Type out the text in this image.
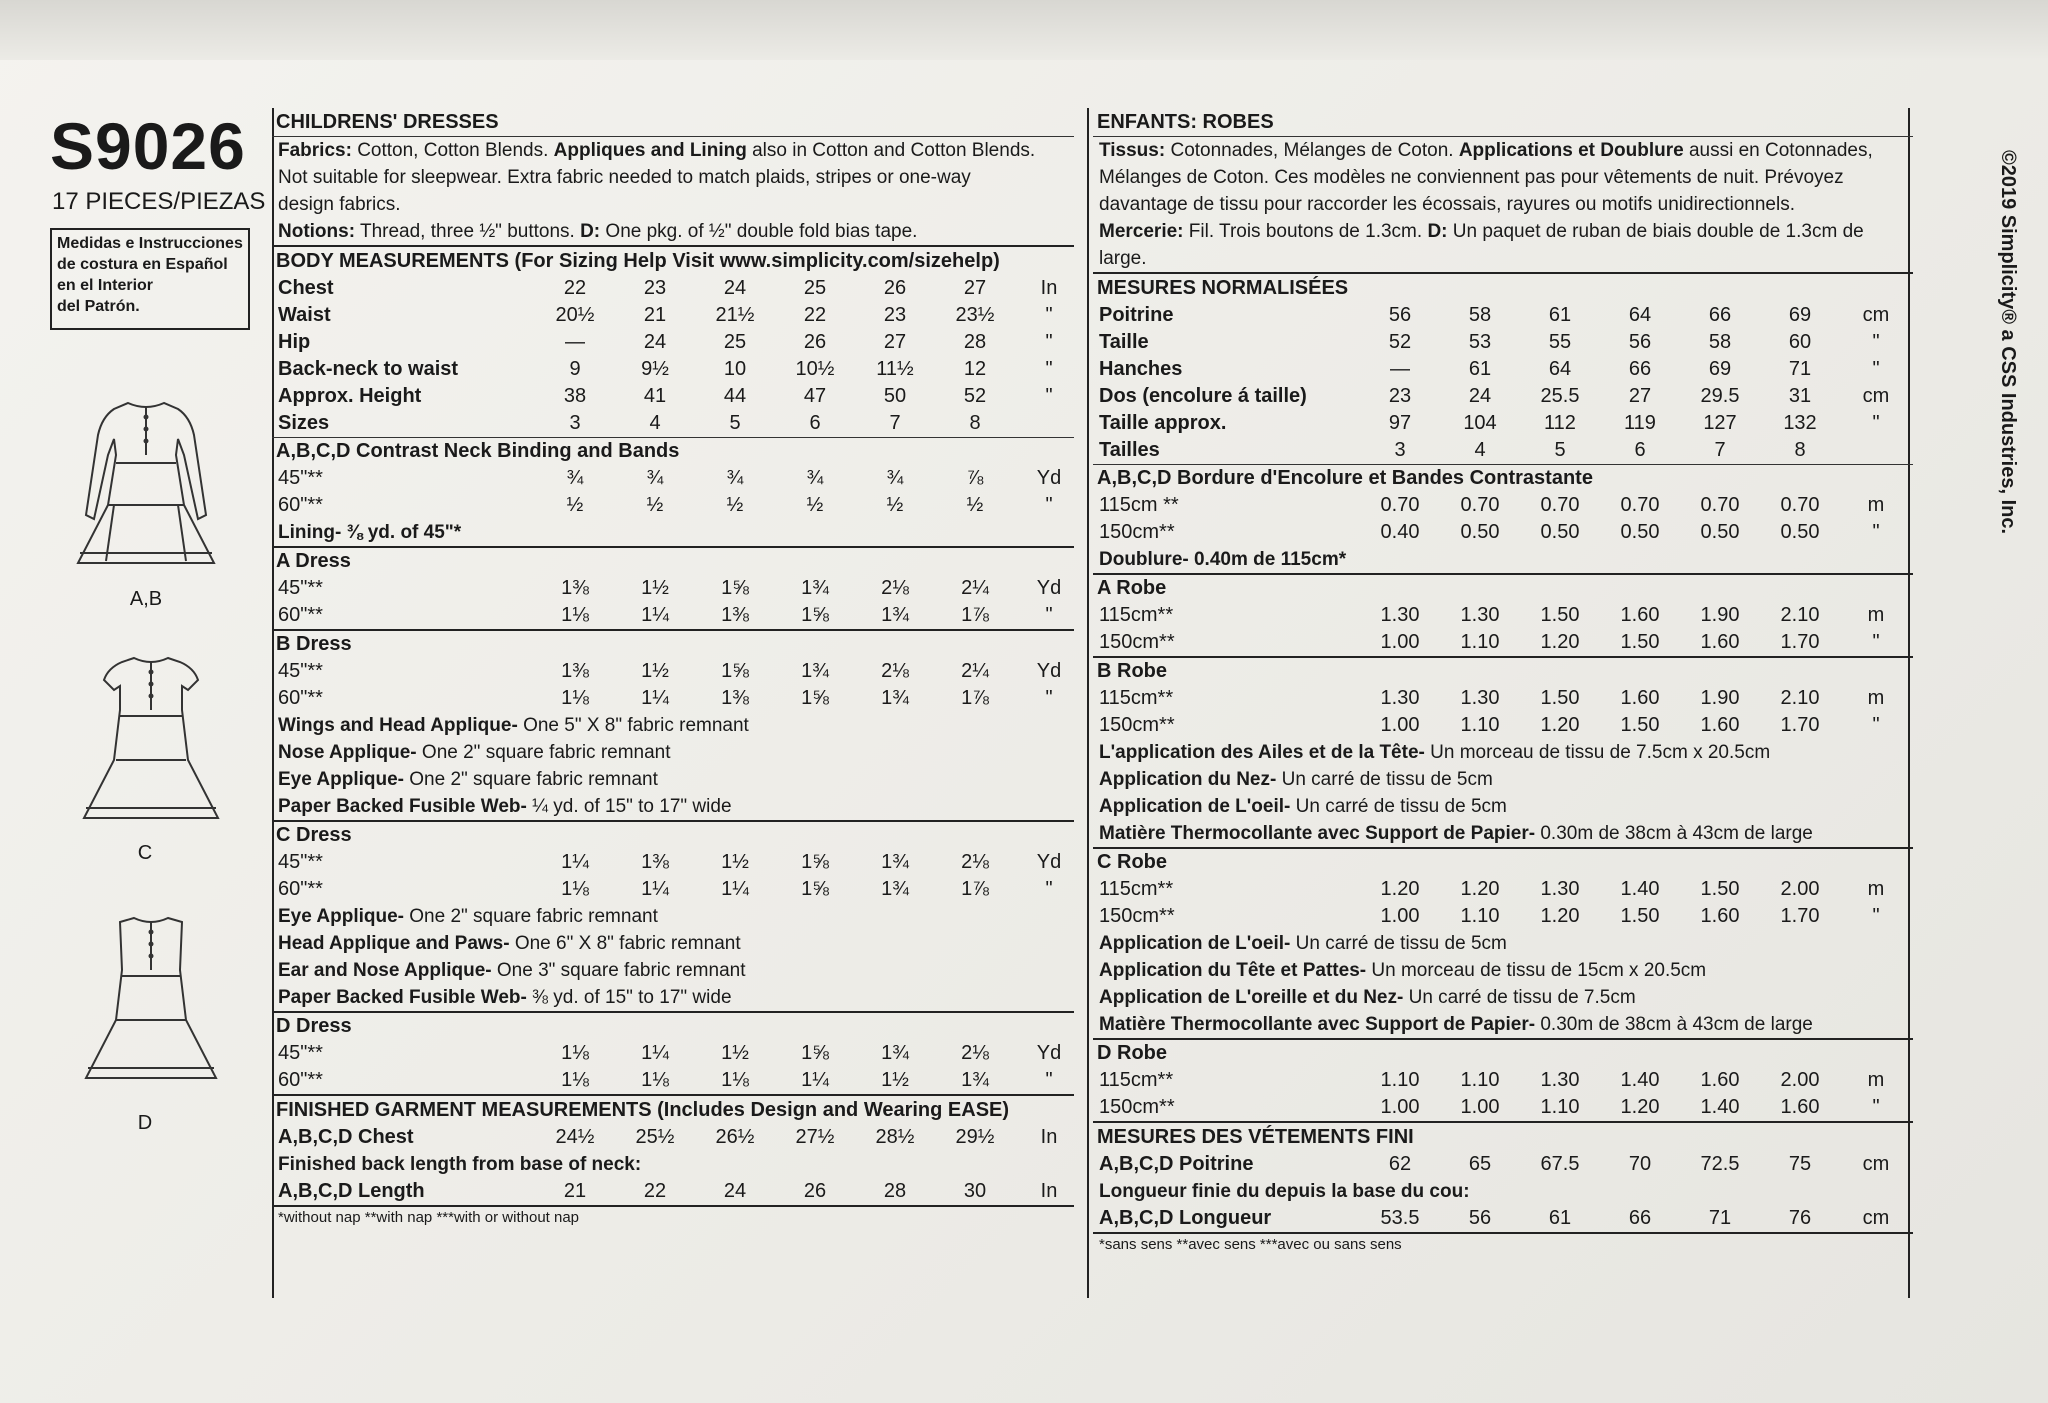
S9026
17 PIECES/PIEZAS
Medidas e Instrucciones
de costura en Español
en el Interior
del Patrón.
A,B
C
D
CHILDRENS' DRESSES
Fabrics: Cotton, Cotton Blends. Appliques and Lining also in Cotton and Cotton Blends.
Not suitable for sleepwear. Extra fabric needed to match plaids, stripes or one-way
design fabrics.
Notions: Thread, three ½" buttons. D: One pkg. of ½" double fold bias tape.
BODY MEASUREMENTS (For Sizing Help Visit www.simplicity.com/sizehelp)
Chest	22	23	24	25	26	27	In
Waist	20½	21	21½	22	23	23½	"
Hip	—	24	25	26	27	28	"
Back-neck to waist	9	9½	10	10½	11½	12	"
Approx. Height	38	41	44	47	50	52	"
Sizes	3	4	5	6	7	8
A,B,C,D Contrast Neck Binding and Bands
45"**	¾	¾	¾	¾	¾	⅞	Yd
60"**	½	½	½	½	½	½	"
Lining- ⅜ yd. of 45"*
A Dress
45"**	1⅜	1½	1⅝	1¾	2⅛	2¼	Yd
60"**	1⅛	1¼	1⅜	1⅝	1¾	1⅞	"
B Dress
45"**	1⅜	1½	1⅝	1¾	2⅛	2¼	Yd
60"**	1⅛	1¼	1⅜	1⅝	1¾	1⅞	"
Wings and Head Applique- One 5" X 8" fabric remnant
Nose Applique- One 2" square fabric remnant
Eye Applique- One 2" square fabric remnant
Paper Backed Fusible Web- ¼ yd. of 15" to 17" wide
C Dress
45"**	1¼	1⅜	1½	1⅝	1¾	2⅛	Yd
60"**	1⅛	1¼	1¼	1⅝	1¾	1⅞	"
Eye Applique- One 2" square fabric remnant
Head Applique and Paws- One 6" X 8" fabric remnant
Ear and Nose Applique- One 3" square fabric remnant
Paper Backed Fusible Web- ⅜ yd. of 15" to 17" wide
D Dress
45"**	1⅛	1¼	1½	1⅝	1¾	2⅛	Yd
60"**	1⅛	1⅛	1⅛	1¼	1½	1¾	"
FINISHED GARMENT MEASUREMENTS (Includes Design and Wearing EASE)
A,B,C,D Chest	24½	25½	26½	27½	28½	29½	In
Finished back length from base of neck:
A,B,C,D Length	21	22	24	26	28	30	In
*without nap **with nap ***with or without nap
ENFANTS: ROBES
Tissus: Cotonnades, Mélanges de Coton. Applications et Doublure aussi en Cotonnades,
Mélanges de Coton. Ces modèles ne conviennent pas pour vêtements de nuit. Prévoyez
davantage de tissu pour raccorder les écossais, rayures ou motifs unidirectionnels.
Mercerie: Fil. Trois boutons de 1.3cm. D: Un paquet de ruban de biais double de 1.3cm de large.
MESURES NORMALISÉES
Poitrine	56	58	61	64	66	69	cm
Taille	52	53	55	56	58	60	"
Hanches	—	61	64	66	69	71	"
Dos (encolure á taille)	23	24	25.5	27	29.5	31	cm
Taille approx.	97	104	112	119	127	132	"
Tailles	3	4	5	6	7	8
A,B,C,D Bordure d'Encolure et Bandes Contrastante
115cm **	0.70	0.70	0.70	0.70	0.70	0.70	m
150cm**	0.40	0.50	0.50	0.50	0.50	0.50	"
Doublure- 0.40m de 115cm*
A Robe
115cm**	1.30	1.30	1.50	1.60	1.90	2.10	m
150cm**	1.00	1.10	1.20	1.50	1.60	1.70	"
B Robe
115cm**	1.30	1.30	1.50	1.60	1.90	2.10	m
150cm**	1.00	1.10	1.20	1.50	1.60	1.70	"
L'application des Ailes et de la Tête- Un morceau de tissu de 7.5cm x 20.5cm
Application du Nez- Un carré de tissu de 5cm
Application de L'oeil- Un carré de tissu de 5cm
Matière Thermocollante avec Support de Papier- 0.30m de 38cm à 43cm de large
C Robe
115cm**	1.20	1.20	1.30	1.40	1.50	2.00	m
150cm**	1.00	1.10	1.20	1.50	1.60	1.70	"
Application de L'oeil- Un carré de tissu de 5cm
Application du Tête et Pattes- Un morceau de tissu de 15cm x 20.5cm
Application de L'oreille et du Nez- Un carré de tissu de 7.5cm
Matière Thermocollante avec Support de Papier- 0.30m de 38cm à 43cm de large
D Robe
115cm**	1.10	1.10	1.30	1.40	1.60	2.00	m
150cm**	1.00	1.00	1.10	1.20	1.40	1.60	"
MESURES DES VÉTEMENTS FINI
A,B,C,D Poitrine	62	65	67.5	70	72.5	75	cm
Longueur finie du depuis la base du cou:
A,B,C,D Longueur	53.5	56	61	66	71	76	cm
*sans sens **avec sens ***avec ou sans sens
©2019 Simplicity® a CSS Industries, Inc.
